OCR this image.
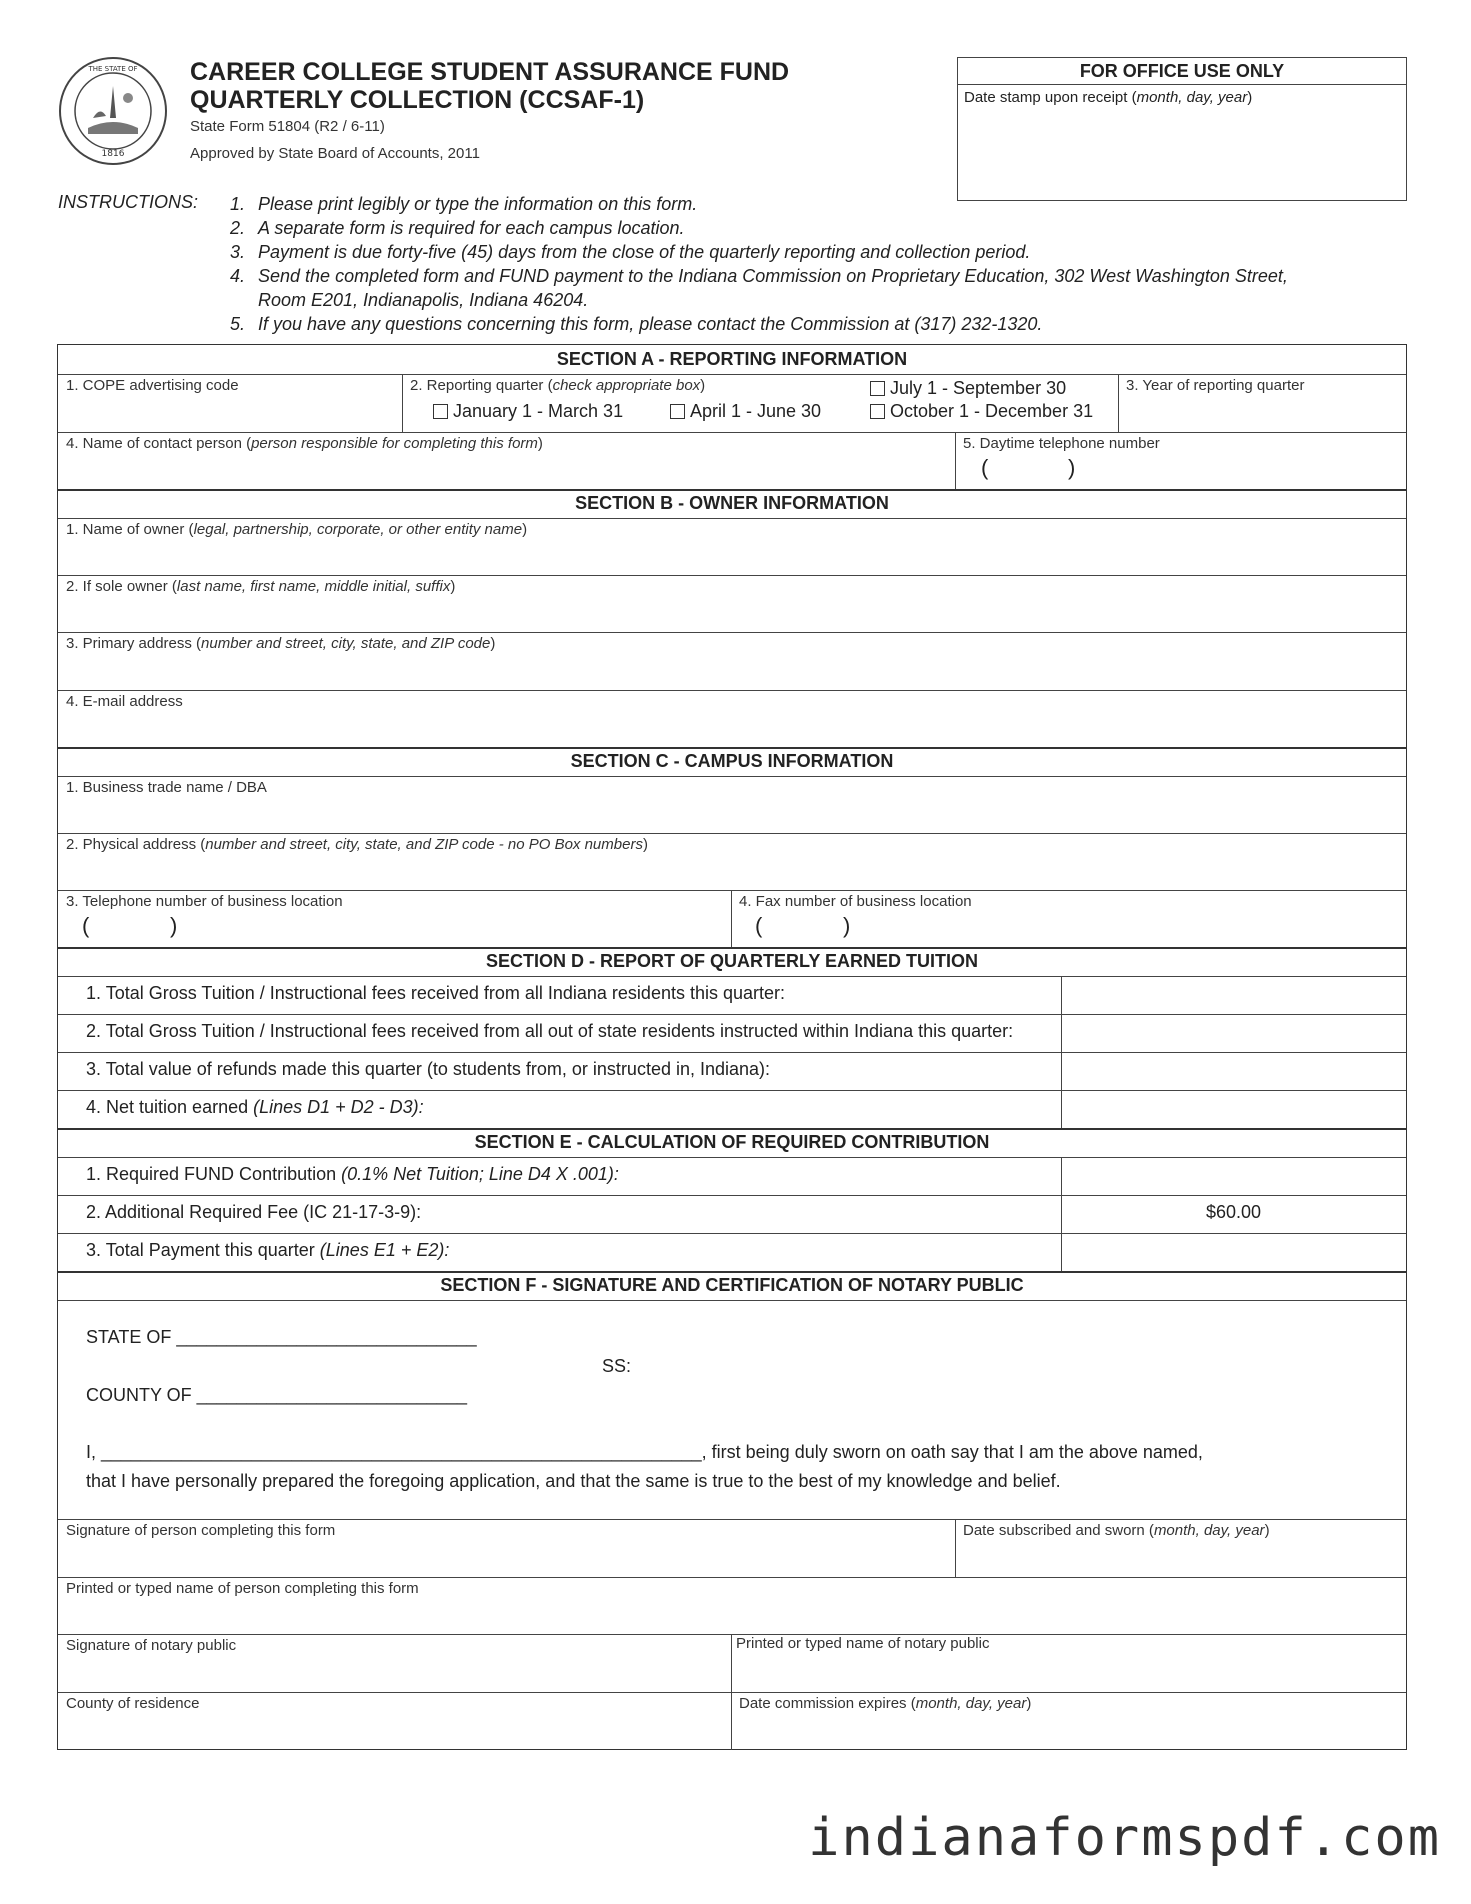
1816
THE STATE OF CAREER COLLEGE STUDENT ASSURANCE FUND
QUARTERLY COLLECTION (CCSAF-1)
State Form 51804 (R2 / 6-11)
Approved by State Board of Accounts, 2011
FOR OFFICE USE ONLY
Date stamp upon receipt (month, day, year)
INSTRUCTIONS: 1. Please print legibly or type the information on this form.
2. A separate form is required for each campus location.
3. Payment is due forty-five (45) days from the close of the quarterly reporting and collection period.
4. Send the completed form and FUND payment to the Indiana Commission on Proprietary Education, 302 West Washington Street,
Room E201, Indianapolis, Indiana 46204.
5. If you have any questions concerning this form, please contact the Commission at (317) 232-1320.
SECTION A - REPORTING INFORMATION
1. COPE advertising code	2. Reporting quarter (check appropriate box)
January 1 - March 31	April 1 - June 30
July 1 - September 30
October 1 - December 31
3. Year of reporting quarter
4. Name of contact person (person responsible for completing this form)	5. Daytime telephone number
(	)
SECTION B - OWNER INFORMATION
1. Name of owner (legal, partnership, corporate, or other entity name)
2. If sole owner (last name, first name, middle initial, suffix)
3. Primary address (number and street, city, state, and ZIP code)
4. E-mail address
SECTION C - CAMPUS INFORMATION
1. Business trade name / DBA
2. Physical address (number and street, city, state, and ZIP code - no PO Box numbers)
3. Telephone number of business location
(	)
4. Fax number of business location
(	)
SECTION D - REPORT OF QUARTERLY EARNED TUITION
1. Total Gross Tuition / Instructional fees received from all Indiana residents this quarter:
2. Total Gross Tuition / Instructional fees received from all out of state residents instructed within Indiana this quarter:
3. Total value of refunds made this quarter (to students from, or instructed in, Indiana):
4. Net tuition earned (Lines D1 + D2 - D3):
SECTION E - CALCULATION OF REQUIRED CONTRIBUTION
1. Required FUND Contribution (0.1% Net Tuition; Line D4 X .001):
2. Additional Required Fee (IC 21-17-3-9):	$60.00
3. Total Payment this quarter (Lines E1 + E2):
SECTION F - SIGNATURE AND CERTIFICATION OF NOTARY PUBLIC
STATE OF ______________________________
SS:
COUNTY OF ___________________________
I, ____________________________________________________________, first being duly sworn on oath say that I am the above named,
that I have personally prepared the foregoing application, and that the same is true to the best of my knowledge and belief.
Signature of person completing this form	Date subscribed and sworn (month, day, year)
Printed or typed name of person completing this form
Signature of notary public	Printed or typed name of notary public
County of residence	Date commission expires (month, day, year)
indianaformspdf.com
